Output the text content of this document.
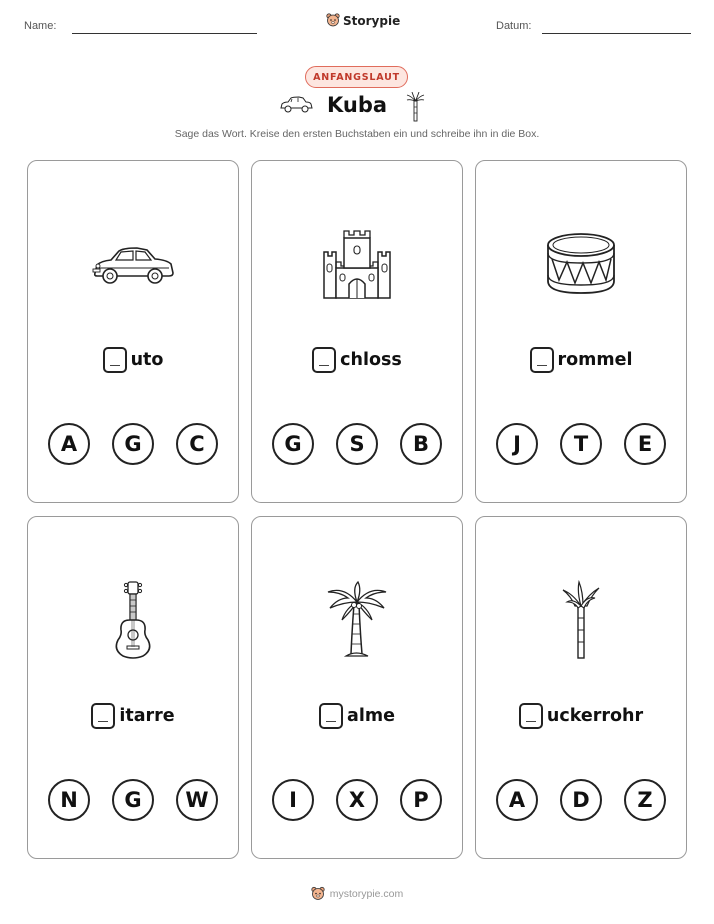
Name:	Storypie	Datum:
ANFANGSLAUT
Kuba
Sage das Wort. Kreise den ersten Buchstaben ein und schreibe ihn in die Box.
uto
A	G	C
chloss
G	S	B
rommel
J	T	E
itarre
N	G	W
alme
I	X	P
uckerrohr
A	D	Z
mystorypie.com
